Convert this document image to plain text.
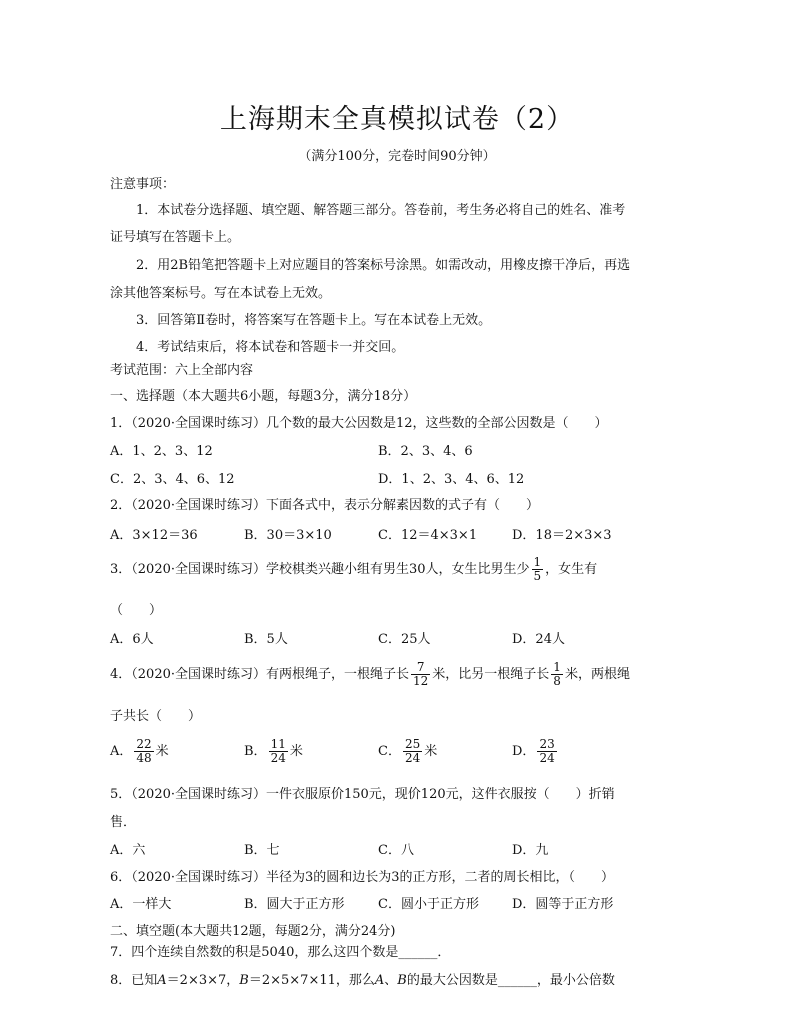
上海期末全真模拟试卷（2）
（满分100分，完卷时间90分钟）
注意事项：
1．本试卷分选择题、填空题、解答题三部分。答卷前，考生务必将自己的姓名、准考
证号填写在答题卡上。
2．用2B铅笔把答题卡上对应题目的答案标号涂黑。如需改动，用橡皮擦干净后，再选
涂其他答案标号。写在本试卷上无效。
3．回答第Ⅱ卷时，将答案写在答题卡上。写在本试卷上无效。
4．考试结束后，将本试卷和答题卡一并交回。
考试范围：六上全部内容
一、选择题（本大题共6小题，每题3分，满分18分）
1．（2020·全国课时练习）几个数的最大公因数是12，这些数的全部公因数是（　　）
A．1、2、3、12	B．2、3、4、6
C．2、3、4、6、12	D．1、2、3、4、6、12
2．（2020·全国课时练习）下面各式中，表示分解素因数的式子有（　　）
A．3×12＝36	B．30＝3×10	C．12＝4×3×1	D．18＝2×3×3
3．（2020·全国课时练习）学校棋类兴趣小组有男生30人，女生比男生少 $\frac{1}{5}$ ，女生有
（　　）
A．6人	B．5人	C．25人	D．24人
4．（2020·全国课时练习）有两根绳子，一根绳子长 $\frac{7}{12}$ 米，比另一根绳子长 $\frac{1}{8}$ 米，两根绳
子共长（　　）
A． $\frac{22}{48}$ 米	B． $\frac{11}{24}$ 米	C． $\frac{25}{24}$ 米	D． $\frac{23}{24}$
5．（2020·全国课时练习）一件衣服原价150元，现价120元，这件衣服按（　　）折销
售．
A．六	B．七	C．八	D．九
6．（2020·全国课时练习）半径为3的圆和边长为3的正方形，二者的周长相比，（　　）
A．一样大	B．圆大于正方形	C．圆小于正方形	D．圆等于正方形
二、填空题(本大题共12题，每题2分，满分24分)
7．四个连续自然数的积是5040，那么这四个数是______．
8．已知A＝2×3×7，B＝2×5×7×11，那么A、B的最大公因数是______，最小公倍数
